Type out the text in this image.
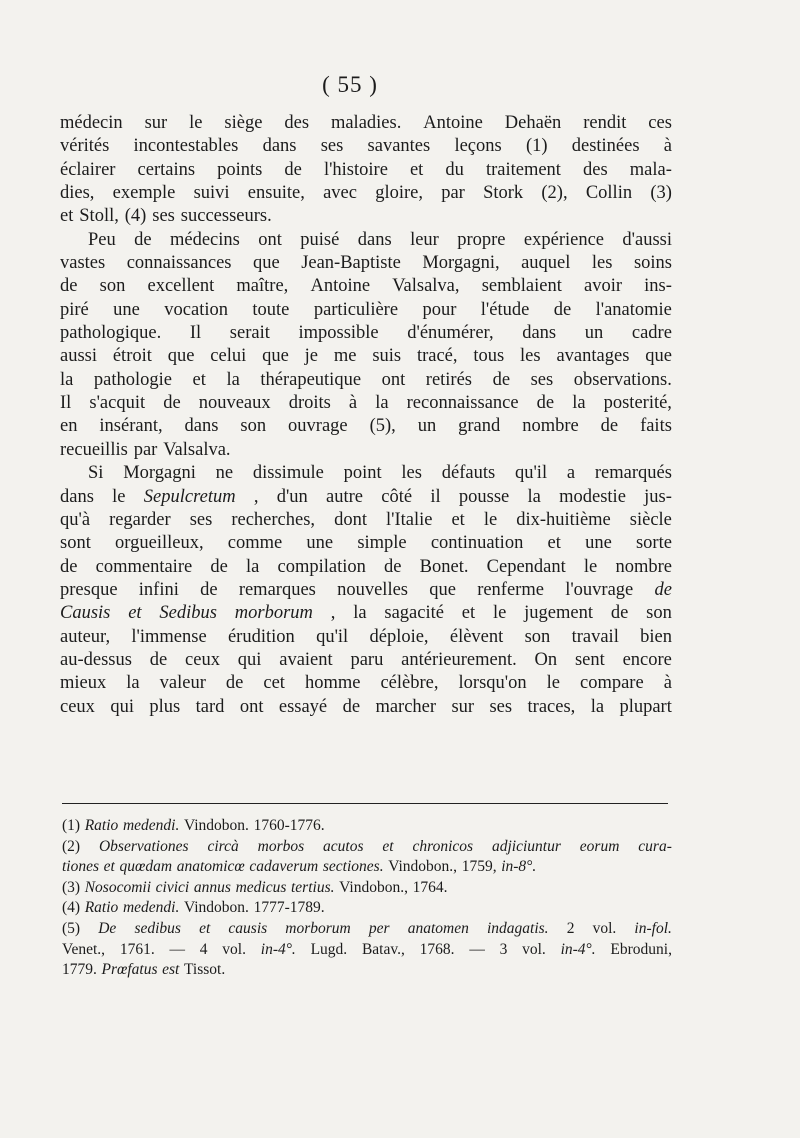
( 55 )
médecin sur le siège des maladies. Antoine Dehaën rendit ces
vérités incontestables dans ses savantes leçons (1) destinées à
éclairer certains points de l'histoire et du traitement des mala-
dies, exemple suivi ensuite, avec gloire, par Stork (2), Collin (3)
et Stoll, (4) ses successeurs.
Peu de médecins ont puisé dans leur propre expérience d'aussi
vastes connaissances que Jean-Baptiste Morgagni, auquel les soins
de son excellent maître, Antoine Valsalva, semblaient avoir ins-
piré une vocation toute particulière pour l'étude de l'anatomie
pathologique. Il serait impossible d'énumérer, dans un cadre
aussi étroit que celui que je me suis tracé, tous les avantages que
la pathologie et la thérapeutique ont retirés de ses observations.
Il s'acquit de nouveaux droits à la reconnaissance de la posterité,
en insérant, dans son ouvrage (5), un grand nombre de faits
recueillis par Valsalva.
Si Morgagni ne dissimule point les défauts qu'il a remarqués
dans le Sepulcretum , d'un autre côté il pousse la modestie jus-
qu'à regarder ses recherches, dont l'Italie et le dix-huitième siècle
sont orgueilleux, comme une simple continuation et une sorte
de commentaire de la compilation de Bonet. Cependant le nombre
presque infini de remarques nouvelles que renferme l'ouvrage de
Causis et Sedibus morborum , la sagacité et le jugement de son
auteur, l'immense érudition qu'il déploie, élèvent son travail bien
au-dessus de ceux qui avaient paru antérieurement. On sent encore
mieux la valeur de cet homme célèbre, lorsqu'on le compare à
ceux qui plus tard ont essayé de marcher sur ses traces, la plupart
(1) Ratio medendi. Vindobon. 1760-1776.
(2) Observationes circà morbos acutos et chronicos adjiciuntur eorum cura-
tiones et quœdam anatomicœ cadaverum sectiones. Vindobon., 1759, in-8°.
(3) Nosocomii civici annus medicus tertius. Vindobon., 1764.
(4) Ratio medendi. Vindobon. 1777-1789.
(5) De sedibus et causis morborum per anatomen indagatis. 2 vol. in-fol.
Venet., 1761. — 4 vol. in-4°. Lugd. Batav., 1768. — 3 vol. in-4°. Ebroduni,
1779. Prœfatus est Tissot.
